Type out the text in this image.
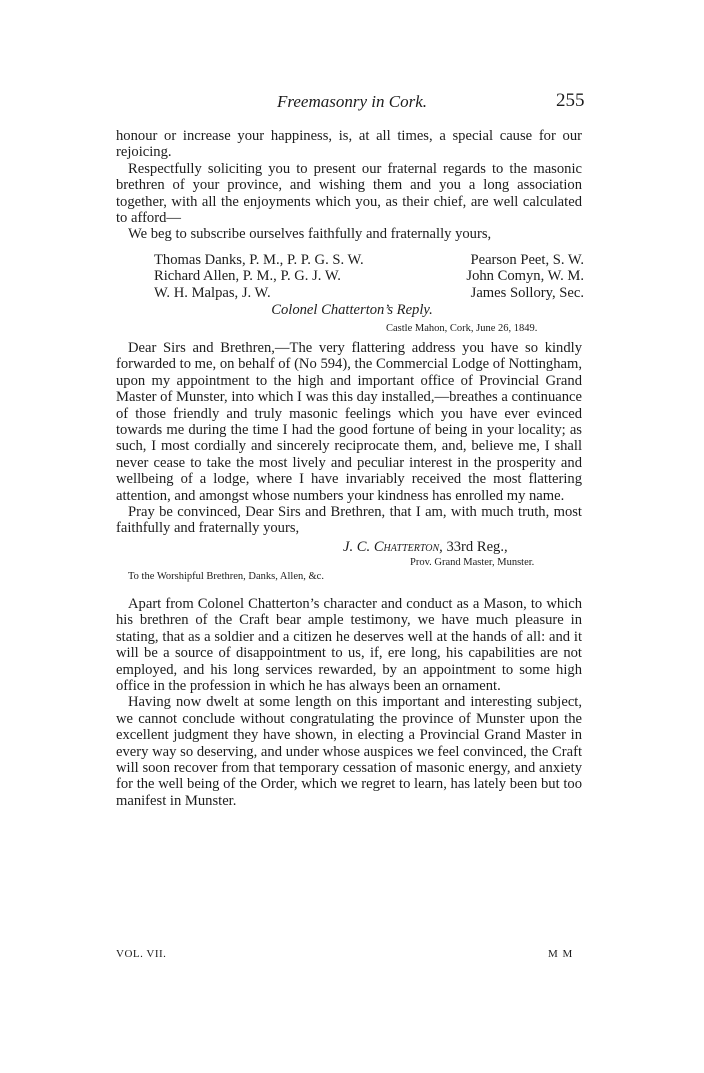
Freemasonry in Cork.	255

honour or increase your happiness, is, at all times, a special cause for our rejoicing.

Respectfully soliciting you to present our fraternal regards to the masonic brethren of your province, and wishing them and you a long association together, with all the enjoyments which you, as their chief, are well calculated to afford—

We beg to subscribe ourselves faithfully and fraternally yours,

Thomas Danks, P. M., P. P. G. S. W.	Pearson Peet, S. W.
Richard Allen, P. M., P. G. J. W.	John Comyn, W. M.
W. H. Malpas, J. W.	James Sollory, Sec.
Colonel Chatterton’s Reply.
Castle Mahon, Cork, June 26, 1849.

Dear Sirs and Brethren,—The very flattering address you have so kindly forwarded to me, on behalf of (No 594), the Commercial Lodge of Nottingham, upon my appointment to the high and important office of Provincial Grand Master of Munster, into which I was this day installed,—breathes a continuance of those friendly and truly masonic feelings which you have ever evinced towards me during the time I had the good fortune of being in your locality; as such, I most cordially and sincerely reciprocate them, and, believe me, I shall never cease to take the most lively and peculiar interest in the prosperity and wellbeing of a lodge, where I have invariably received the most flattering attention, and amongst whose numbers your kindness has enrolled my name.

Pray be convinced, Dear Sirs and Brethren, that I am, with much truth, most faithfully and fraternally yours,

J. C. Chatterton, 33rd Reg.,
Prov. Grand Master, Munster.
To the Worshipful Brethren, Danks, Allen, &c.

Apart from Colonel Chatterton’s character and conduct as a Mason, to which his brethren of the Craft bear ample testimony, we have much pleasure in stating, that as a soldier and a citizen he deserves well at the hands of all: and it will be a source of disappointment to us, if, ere long, his capabilities are not employed, and his long services rewarded, by an appointment to some high office in the profession in which he has always been an ornament.

Having now dwelt at some length on this important and interesting subject, we cannot conclude without congratulating the province of Munster upon the excellent judgment they have shown, in electing a Provincial Grand Master in every way so deserving, and under whose auspices we feel convinced, the Craft will soon recover from that temporary cessation of masonic energy, and anxiety for the well being of the Order, which we regret to learn, has lately been but too manifest in Munster.

VOL. VII.	M M
